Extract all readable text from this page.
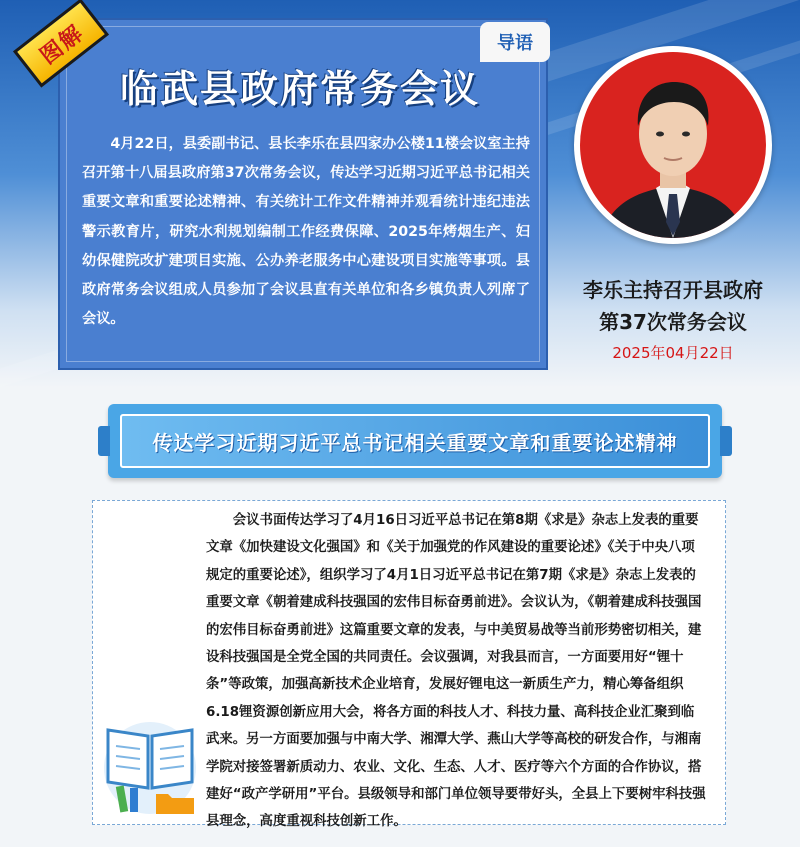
图解	导语
临武县政府常务会议
4月22日，县委副书记、县长李乐在县四家办公楼11楼会议室主持召开第十八届县政府第37次常务会议，传达学习近期习近平总书记相关重要文章和重要论述精神、有关统计工作文件精神并观看统计违纪违法警示教育片，研究水利规划编制工作经费保障、2025年烤烟生产、妇幼保健院改扩建项目实施、公办养老服务中心建设项目实施等事项。县政府常务会议组成人员参加了会议县直有关单位和各乡镇负责人列席了会议。
李乐主持召开县政府
第37次常务会议
2025年04月22日
传达学习近期习近平总书记相关重要文章和重要论述精神
会议书面传达学习了4月16日习近平总书记在第8期《求是》杂志上发表的重要文章《加快建设文化强国》和《关于加强党的作风建设的重要论述》《关于中央八项规定的重要论述》，组织学习了4月1日习近平总书记在第7期《求是》杂志上发表的重要文章《朝着建成科技强国的宏伟目标奋勇前进》。会议认为，《朝着建成科技强国的宏伟目标奋勇前进》这篇重要文章的发表，与中美贸易战等当前形势密切相关，建设科技强国是全党全国的共同责任。会议强调，对我县而言，一方面要用好“锂十条”等政策，加强高新技术企业培育，发展好锂电这一新质生产力，精心筹备组织6.18锂资源创新应用大会，将各方面的科技人才、科技力量、高科技企业汇聚到临武来。另一方面要加强与中南大学、湘潭大学、燕山大学等高校的研发合作，与湘南学院对接签署新质动力、农业、文化、生态、人才、医疗等六个方面的合作协议，搭建好“政产学研用”平台。县级领导和部门单位领导要带好头，全县上下要树牢科技强县理念，高度重视科技创新工作。
